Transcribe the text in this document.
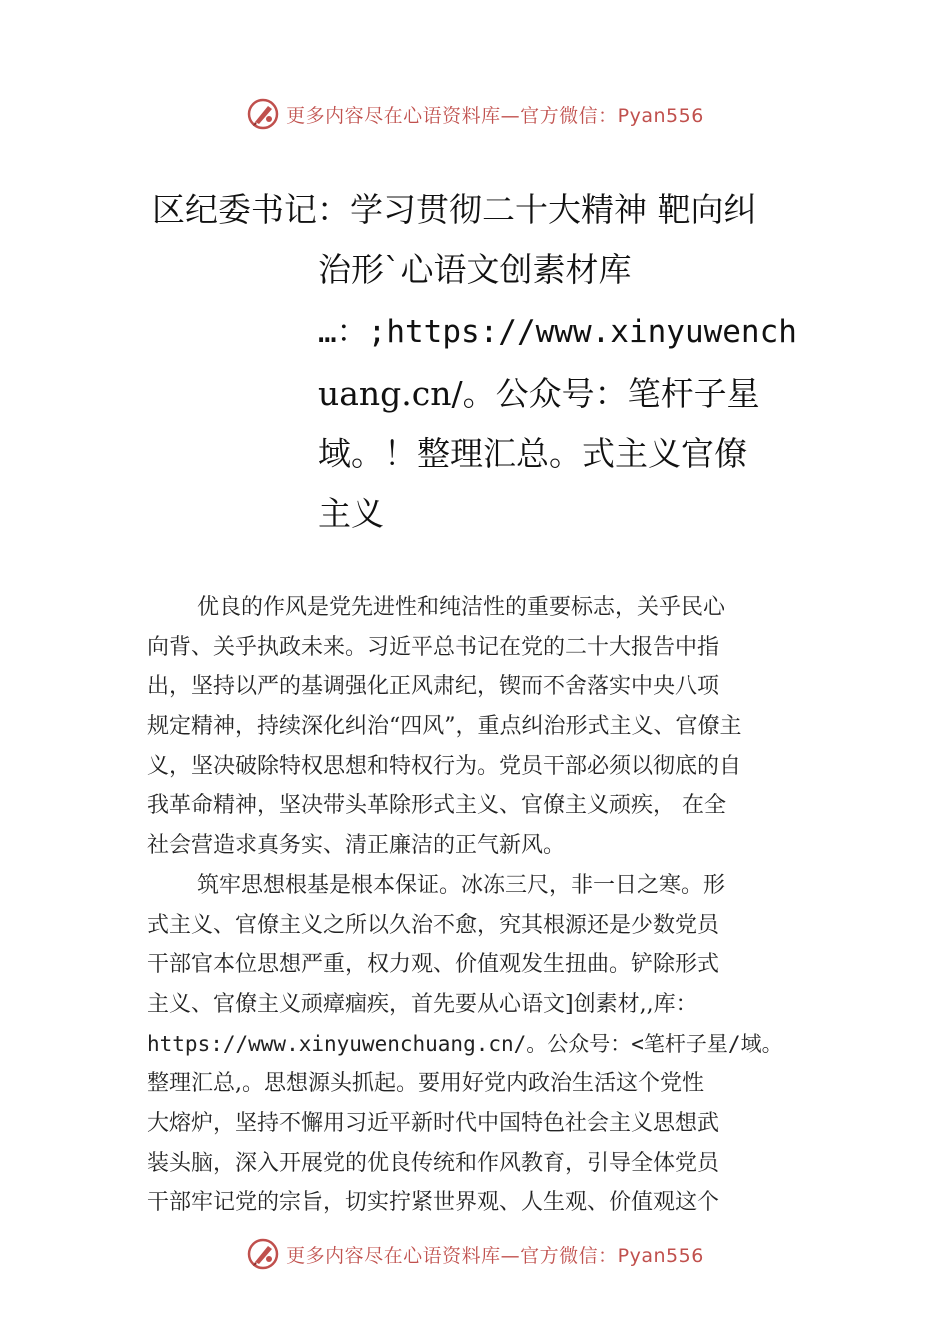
更多内容尽在心语资料库—官方微信：Pyan556
区纪委书记：学习贯彻二十大精神 靶向纠
治形`心语文创素材库
…：;https://www.xinyuwench
uang.cn/。公众号：笔杆子星
域。！整理汇总。式主义官僚
主义
优良的作风是党先进性和纯洁性的重要标志，关乎民心
向背、关乎执政未来。习近平总书记在党的二十大报告中指
出，坚持以严的基调强化正风肃纪，锲而不舍落实中央八项
规定精神，持续深化纠治“四风”，重点纠治形式主义、官僚主
义，坚决破除特权思想和特权行为。党员干部必须以彻底的自
我革命精神，坚决带头革除形式主义、官僚主义顽疾， 在全
社会营造求真务实、清正廉洁的正气新风。
筑牢思想根基是根本保证。冰冻三尺，非一日之寒。形
式主义、官僚主义之所以久治不愈，究其根源还是少数党员
干部官本位思想严重，权力观、价值观发生扭曲。铲除形式
主义、官僚主义顽瘴痼疾，首先要从心语文]创素材,,库：
https://www.xinyuwenchuang.cn/。公众号：<笔杆子星/域。
整理汇总,。思想源头抓起。要用好党内政治生活这个党性
大熔炉，坚持不懈用习近平新时代中国特色社会主义思想武
装头脑，深入开展党的优良传统和作风教育，引导全体党员
干部牢记党的宗旨，切实拧紧世界观、人生观、价值观这个
更多内容尽在心语资料库—官方微信：Pyan556
